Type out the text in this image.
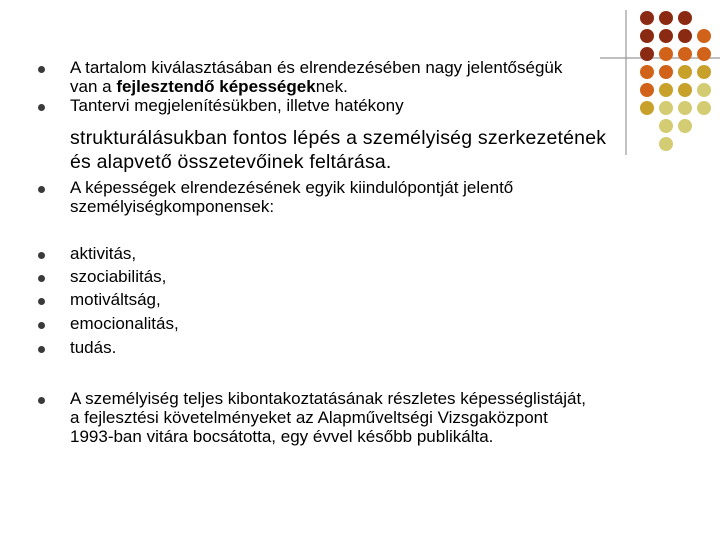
A tartalom kiválasztásában és elrendezésében nagy jelentőségük
van a fejlesztendő képességeknek.
Tantervi megjelenítésükben, illetve hatékony
strukturálásukban fontos lépés a személyiség szerkezetének
és alapvető összetevőinek feltárása.
A képességek elrendezésének egyik kiindulópontját jelentő
személyiségkomponensek:
aktivitás,
szociabilitás,
motiváltság,
emocionalitás,
tudás.
A személyiség teljes kibontakoztatásának részletes képességlistáját,
a fejlesztési követelményeket az Alapműveltségi Vizsgaközpont
1993-ban vitára bocsátotta, egy évvel később publikálta.
